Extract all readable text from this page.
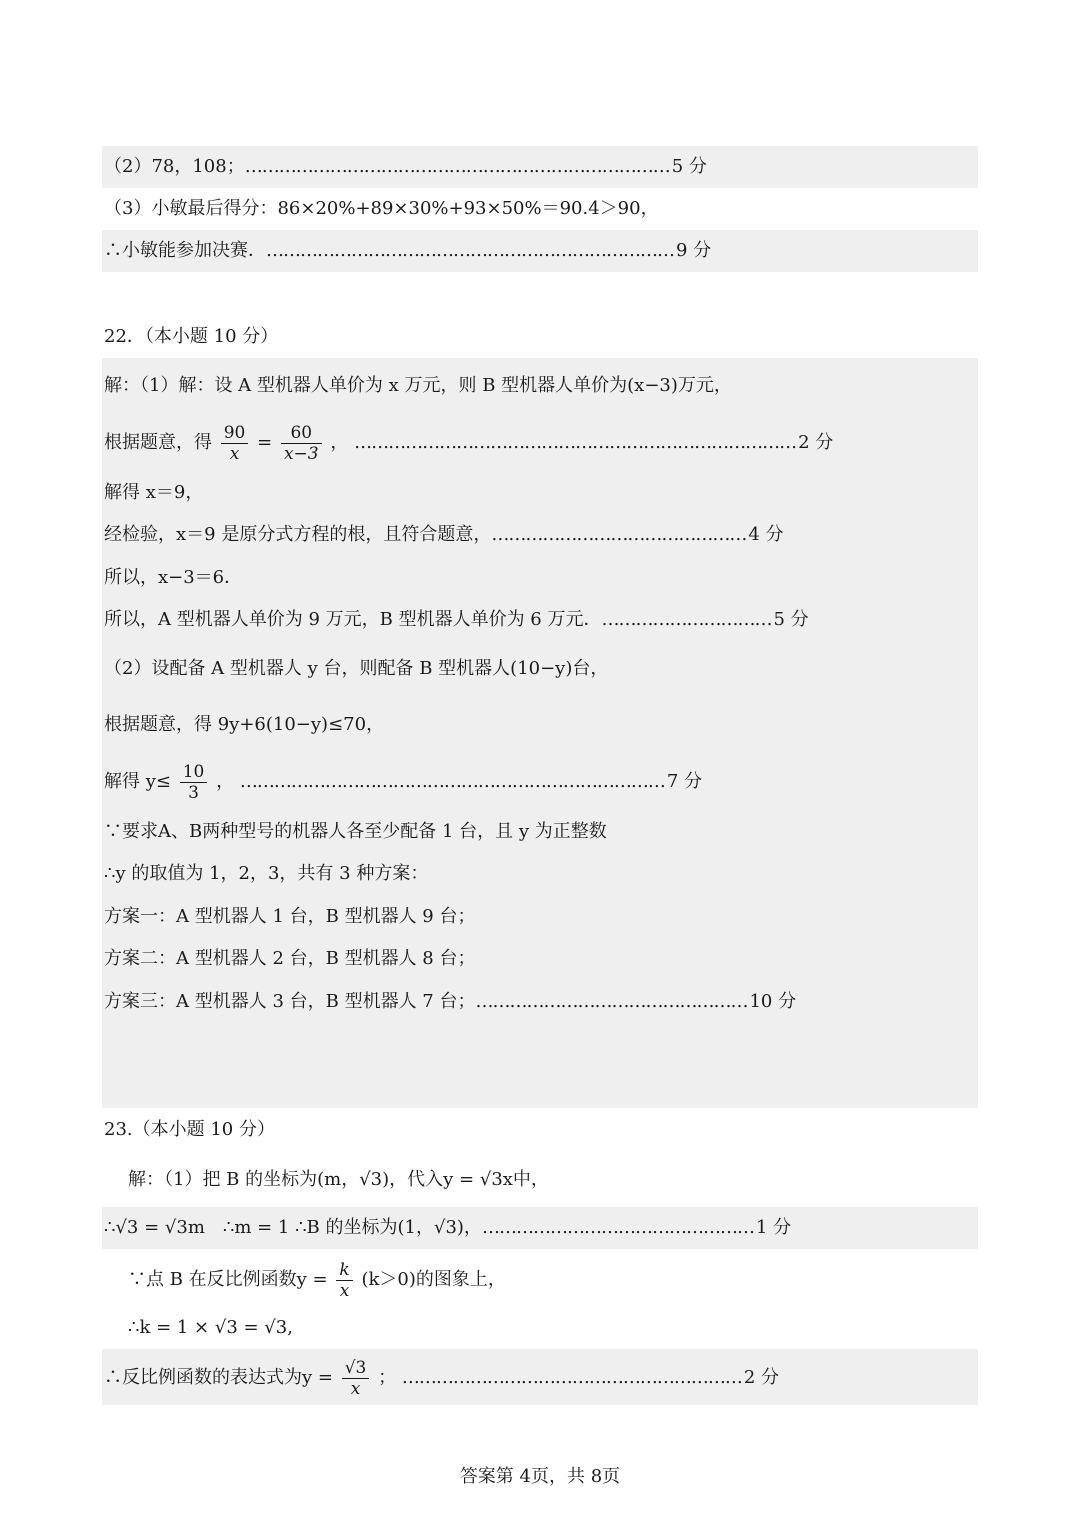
（2）78，108；………………………………………………………………… 5 分
（3）小敏最后得分：86×20%+89×30%+93×50%＝90.4＞90，
∴小敏能参加决赛．……………………………………………………………… 9 分
22．（本小题 10 分）
解：（1）解：设 A 型机器人单价为 x 万元，则 B 型机器人单价为(x−3)万元，
根据题意，得 $\frac{90}{x} = \frac{60}{x-3}$ ， …………………………………………………………………… 2 分
解得 x＝9，
经检验，x＝9 是原分式方程的根，且符合题意，……………………………………… 4 分
所以，x−3＝6．
所以，A 型机器人单价为 9 万元，B 型机器人单价为 6 万元．………………………… 5 分
（2）设配备 A 型机器人 y 台，则配备 B 型机器人(10−y)台，
根据题意，得 9y+6(10−y)≤70，
解得 $y\le \frac{10}{3}$ ， ………………………………………………………………… 7 分
∵要求A、B两种型号的机器人各至少配备 1 台，且 y 为正整数
∴y 的取值为 1，2，3，共有 3 种方案：
方案一：A 型机器人 1 台，B 型机器人 9 台；
方案二：A 型机器人 2 台，B 型机器人 8 台；
方案三：A 型机器人 3 台，B 型机器人 7 台；………………………………………… 10 分
23.（本小题 10 分）
解：（1）把 B 的坐标为(m，√3)，代入y = √3x中，
∴√3 = √3m　∴m = 1 ∴B 的坐标为(1，√3)，………………………………………… 1 分
∵点 B 在反比例函数$y = \frac{k}{x} (k>0)$的图象上，
∴k = 1 × √3 = √3,
∴反比例函数的表达式为$y = \frac{√3}{x}$ ； …………………………………………………… 2 分
答案第 4页，共 8页
